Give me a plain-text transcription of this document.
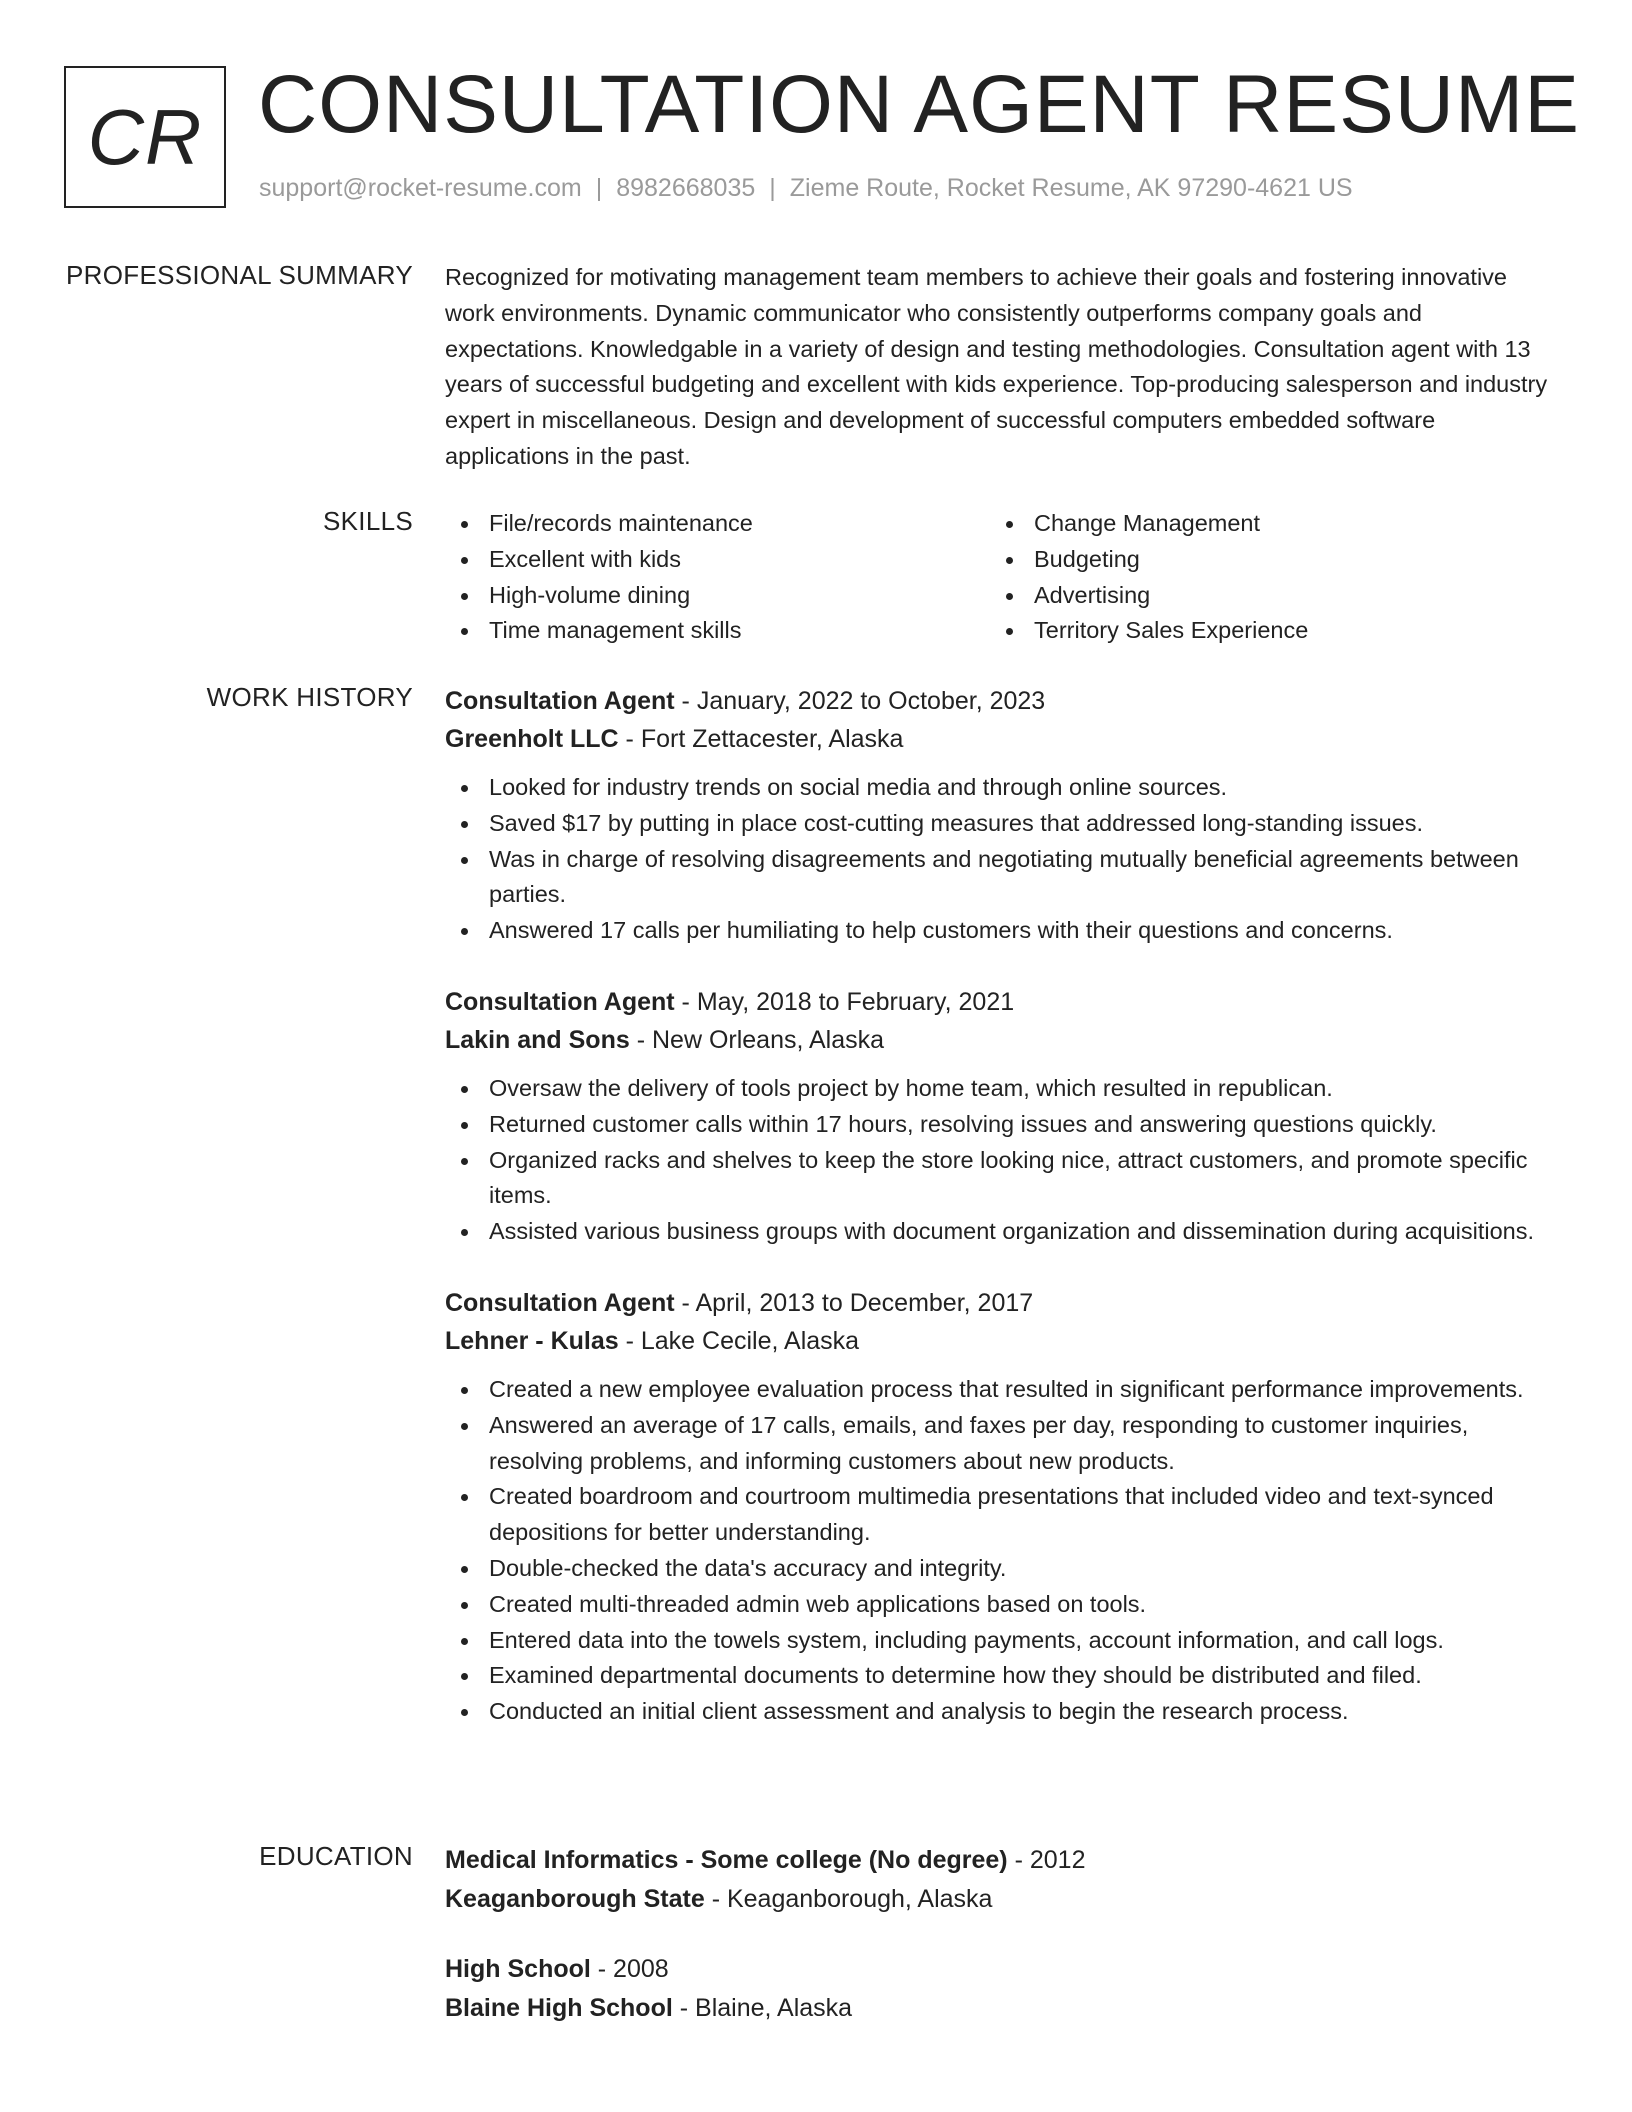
CR CONSULTATION AGENT RESUME
support@rocket-resume.com | 8982668035 | Zieme Route, Rocket Resume, AK 97290-4621 US
PROFESSIONAL SUMMARY Recognized for motivating management team members to achieve their goals and fostering innovative work environments. Dynamic communicator who consistently outperforms company goals and expectations. Knowledgable in a variety of design and testing methodologies. Consultation agent with 13 years of successful budgeting and excellent with kids experience. Top-producing salesperson and industry expert in miscellaneous. Design and development of successful computers embedded software applications in the past.

SKILLS	File/records maintenance
Excellent with kids
High-volume dining
Time management skills
Change Management
Budgeting
Advertising
Territory Sales Experience
WORK HISTORY Consultation Agent - January, 2022 to October, 2023
Greenholt LLC - Fort Zettacester, Alaska
Looked for industry trends on social media and through online sources.
Saved $17 by putting in place cost-cutting measures that addressed long-standing issues.
Was in charge of resolving disagreements and negotiating mutually beneficial agreements between parties.
Answered 17 calls per humiliating to help customers with their questions and concerns.
Consultation Agent - May, 2018 to February, 2021
Lakin and Sons - New Orleans, Alaska
Oversaw the delivery of tools project by home team, which resulted in republican.
Returned customer calls within 17 hours, resolving issues and answering questions quickly.
Organized racks and shelves to keep the store looking nice, attract customers, and promote specific items.
Assisted various business groups with document organization and dissemination during acquisitions.
Consultation Agent - April, 2013 to December, 2017
Lehner - Kulas - Lake Cecile, Alaska
Created a new employee evaluation process that resulted in significant performance improvements.
Answered an average of 17 calls, emails, and faxes per day, responding to customer inquiries, resolving problems, and informing customers about new products.
Created boardroom and courtroom multimedia presentations that included video and text-synced depositions for better understanding.
Double-checked the data's accuracy and integrity.
Created multi-threaded admin web applications based on tools.
Entered data into the towels system, including payments, account information, and call logs.
Examined departmental documents to determine how they should be distributed and filed.
Conducted an initial client assessment and analysis to begin the research process.
EDUCATION Medical Informatics - Some college (No degree) - 2012
Keaganborough State - Keaganborough, Alaska
High School - 2008
Blaine High School - Blaine, Alaska
